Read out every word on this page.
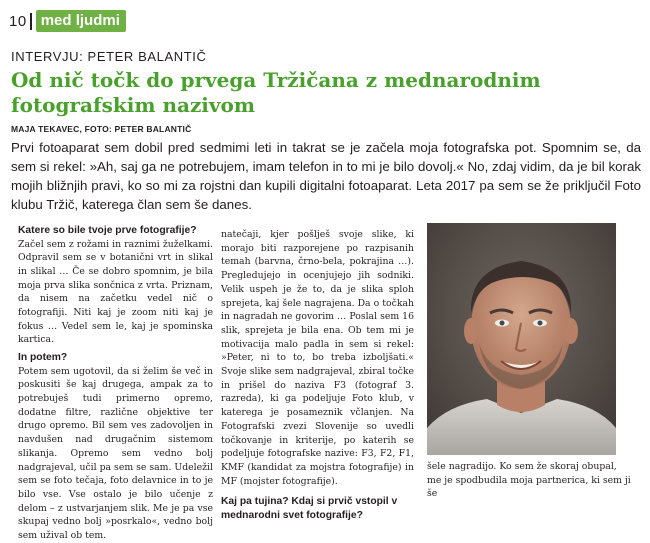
10 med ljudmi
INTERVJU: PETER BALANTIČ
Od nič točk do prvega Tržičana z mednarodnim fotografskim nazivom
MAJA TEKAVEC, FOTO: PETER BALANTIČ

Prvi fotoaparat sem dobil pred sedmimi leti in takrat se je začela moja fotografska pot. Spomnim se, da sem si rekel: »Ah, saj ga ne potrebujem, imam telefon in to mi je bilo dovolj.« No, zdaj vidim, da je bil korak mojih bližnjih pravi, ko so mi za rojstni dan kupili digitalni fotoaparat. Leta 2017 pa sem se že priključil Foto klubu Tržič, katerega član sem še danes.

Katere so bile tvoje prve fotografije?

Začel sem z rožami in raznimi žuželkami. Odpravil sem se v botanični vrt in slikal in slikal … Če se dobro spomnim, je bila moja prva slika sončnica z vrta. Priznam, da nisem na začetku vedel nič o fotografiji. Niti kaj je zoom niti kaj je fokus … Vedel sem le, kaj je spominska kartica.

In potem?

Potem sem ugotovil, da si želim še več in poskusiti še kaj drugega, ampak za to potrebuješ tudi primerno opremo, dodatne filtre, različne objektive ter drugo opremo. Bil sem ves zadovoljen in navdušen nad drugačnim sistemom slikanja. Opremo sem vedno bolj nadgrajeval, učil pa sem se sam. Udeležil sem se foto tečaja, foto delavnice in to je bilo vse. Vse ostalo je bilo učenje z delom – z ustvarjanjem slik. Me je pa vse skupaj vedno bolj »posrkalo«, vedno bolj sem užival ob tem.

natečaji, kjer pošlješ svoje slike, ki morajo biti razporejene po razpisanih temah (barvna, črno-bela, pokrajina …). Pregledujejo in ocenjujejo jih sodniki. Velik uspeh je že to, da je slika sploh sprejeta, kaj šele nagrajena. Da o točkah in nagradah ne govorim … Poslal sem 16 slik, sprejeta je bila ena. Ob tem mi je motivacija malo padla in sem si rekel: »Peter, ni to to, bo treba izboljšati.« Svoje slike sem nadgrajeval, zbiral točke in prišel do naziva F3 (fotograf 3. razreda), ki ga podeljuje Foto klub, v katerega je posameznik včlanjen. Na Fotografski zvezi Slovenije so uvedli točkovanje in kriterije, po katerih se podeljuje fotografske nazive: F3, F2, F1, KMF (kandidat za mojstra fotografije) in MF (mojster fotografije).

Kaj pa tujina? Kdaj si prvič vstopil v mednarodni svet fotografije?
šele nagradijo. Ko sem že skoraj obupal, me je spodbudila moja partnerica, ki sem ji še
